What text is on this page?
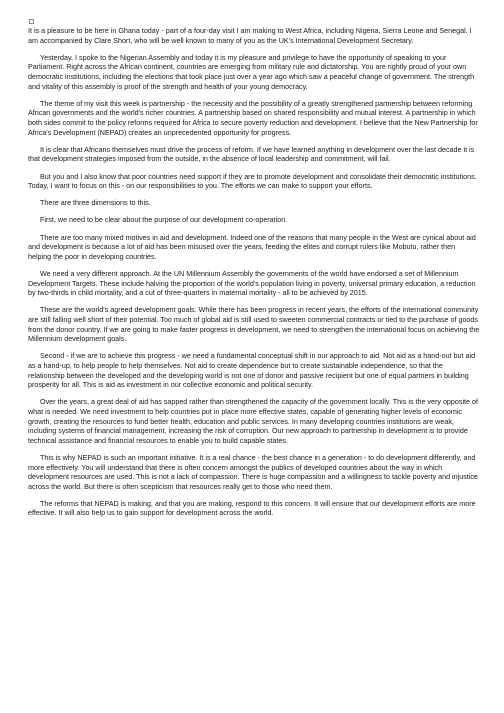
It is a pleasure to be here in Ghana today - part of a four-day visit I am making to West Africa, including Nigeria, Sierra Leone and Senegal. I am accompanied by Clare Short, who will be well known to many of you as the UK's International Development Secretary.

Yesterday, I spoke to the Nigerian Assembly and today it is my pleasure and privilege to have the opportunity of speaking to your Parliament. Right across the African continent, countries are emerging from military rule and dictatorship. You are rightly proud of your own democratic institutions, including the elections that took place just over a year ago which saw a peaceful change of government. The strength and vitality of this assembly is proof of the strength and health of your young democracy.

The theme of my visit this week is partnership - the necessity and the possibility of a greatly strengthened partnership between reforming African governments and the world's richer countries. A partnership based on shared responsibility and mutual interest. A partnership in which both sides commit to the policy reforms required for Africa to secure poverty reduction and development. I believe that the New Partnership for Africa's Development (NEPAD) creates an unprecedented opportunity for progress.

It is clear that Africans themselves must drive the process of reform. If we have learned anything in development over the last decade it is that development strategies imposed from the outside, in the absence of local leadership and commitment, will fail.

But you and I also know that poor countries need support if they are to promote development and consolidate their democratic institutions. Today, I want to focus on this - on our responsibilities to you. The efforts we can make to support your efforts.

There are three dimensions to this.

First, we need to be clear about the purpose of our development co-operation.

There are too many mixed motives in aid and development. Indeed one of the reasons that many people in the West are cynical about aid and development is because a lot of aid has been misused over the years, feeding the elites and corrupt rulers like Mobutu, rather then helping the poor in developing countries.

We need a very different approach. At the UN Millennium Assembly the governments of the world have endorsed a set of Millennium Development Targets. These include halving the proportion of the world's population living in poverty, universal primary education, a reduction by two-thirds in child mortality, and a cut of three-quarters in maternal mortality - all to be achieved by 2015.

These are the world's agreed development goals. While there has been progress in recent years, the efforts of the international community are still falling well short of their potential. Too much of global aid is still used to sweeten commercial contracts or tied to the purchase of goods from the donor country. If we are going to make faster progress in development, we need to strengthen the international focus on achieving the Millennium development goals.

Second - if we are to achieve this progress - we need a fundamental conceptual shift in our approach to aid. Not aid as a hand-out but aid as a hand-up, to help people to help themselves. Not aid to create dependence but to create sustainable independence, so that the relationship between the developed and the developing world is not one of donor and passive recipient but one of equal partners in building prosperity for all. This is aid as investment in our collective economic and political security.

Over the years, a great deal of aid has sapped rather than strengthened the capacity of the government locally. This is the very opposite of what is needed. We need investment to help countries put in place more effective states, capable of generating higher levels of economic growth, creating the resources to fund better health, education and public services. In many developing countries institutions are weak, including systems of financial management, increasing the risk of corruption. Our new approach to partnership in development is to provide technical assistance and financial resources to enable you to build capable states.

This is why NEPAD is such an important initiative. It is a real chance - the best chance in a generation - to do development differently, and more effectively. You will understand that there is often concern amongst the publics of developed countries about the way in which development resources are used. This is not a lack of compassion. There is huge compassion and a willingness to tackle poverty and injustice across the world. But there is often scepticism that resources really get to those who need them.

The reforms that NEPAD is making, and that you are making, respond to this concern. It will ensure that our development efforts are more effective. It will also help us to gain support for development across the world.
